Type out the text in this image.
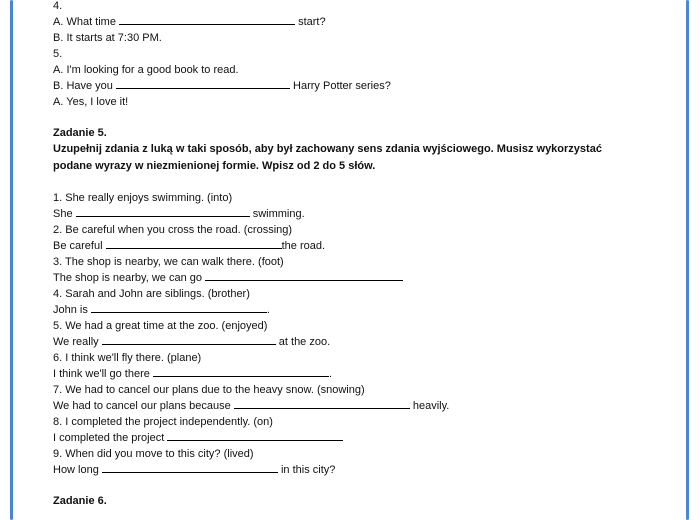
4.
A. What time	start?
B. It starts at 7:30 PM.
5.
A. I'm looking for a good book to read.
B. Have you	Harry Potter series?
A. Yes, I love it!
Zadanie 5.
Uzupełnij zdania z luką w taki sposób, aby był zachowany sens zdania wyjściowego. Musisz wykorzystać podane wyrazy w niezmienionej formie. Wpisz od 2 do 5 słów.
1. She really enjoys swimming. (into)
She	swimming.
2. Be careful when you cross the road. (crossing)
Be careful	the road.
3. The shop is nearby, we can walk there. (foot)
The shop is nearby, we can go
4. Sarah and John are siblings. (brother)
John is	.
5. We had a great time at the zoo. (enjoyed)
We really	at the zoo.
6. I think we'll fly there. (plane)
I think we'll go there	.
7. We had to cancel our plans due to the heavy snow. (snowing)
We had to cancel our plans because	heavily.
8. I completed the project independently. (on)
I completed the project
9. When did you move to this city? (lived)
How long	in this city?
Zadanie 6.
